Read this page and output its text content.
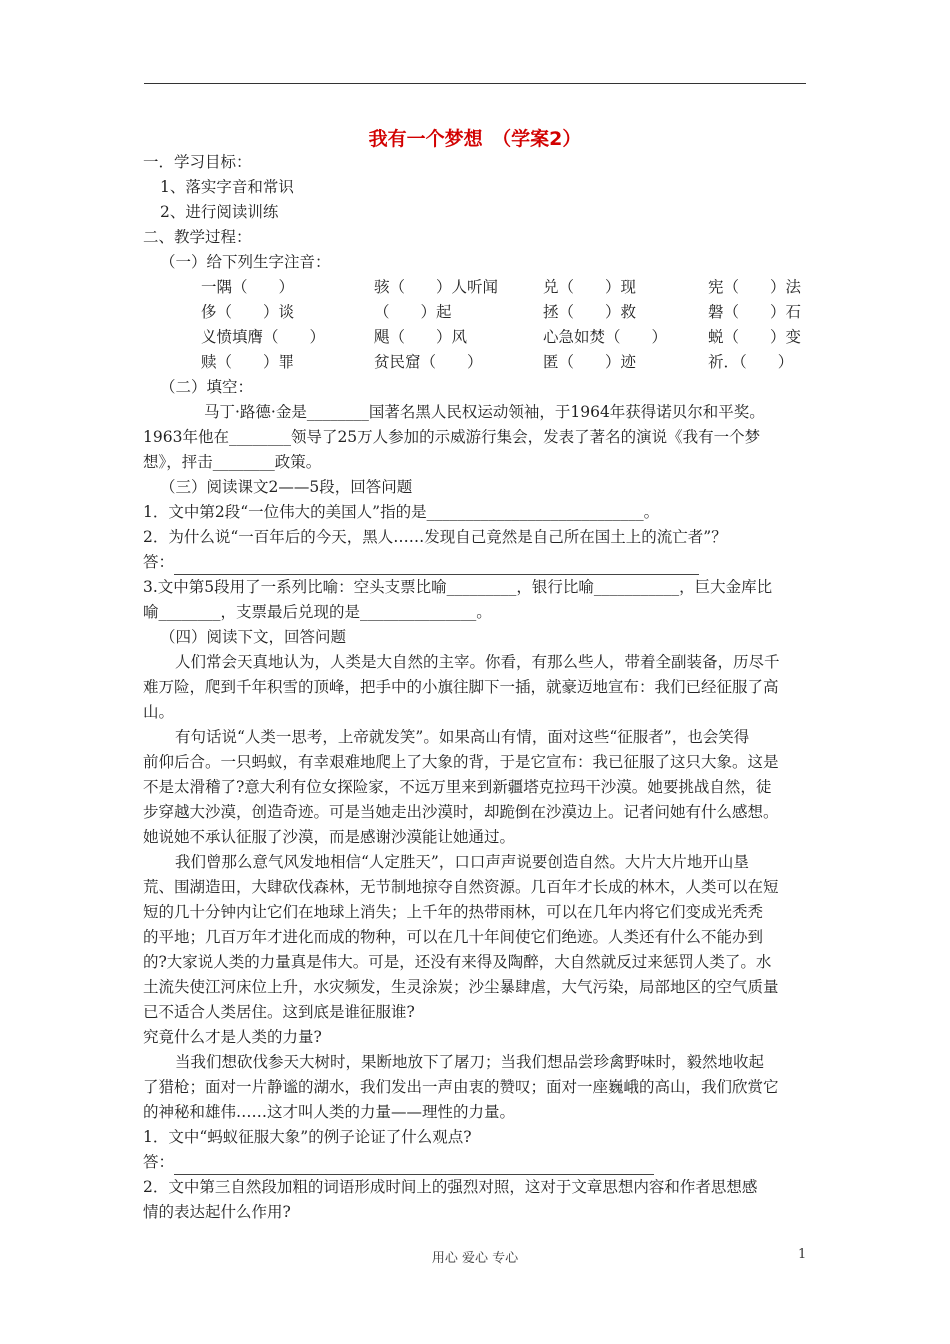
我有一个梦想　（学案2）
一．学习目标：
1、落实字音和常识
2、进行阅读训练
二、教学过程：
（一）给下列生字注音：
一隅（　　）	骇（　　）人听闻	兑（　　）现	宪（　　）法
侈（　　）谈	（　　）起	拯（　　）救	磐（　　）石
义愤填膺（　　）	飓（　　）风	心急如焚（　　）	蜕（　　）变
赎（　　）罪	贫民窟（　　）	匿（　　）迹	祈．（　　）
（二）填空：
马丁·路德·金是________国著名黑人民权运动领袖，于1964年获得诺贝尔和平奖。
1963年他在________领导了25万人参加的示威游行集会，发表了著名的演说《我有一个梦
想》，抨击________政策。
（三）阅读课文2——5段，回答问题
1．文中第2段“一位伟大的美国人”指的是____________________________。
2．为什么说“一百年后的今天，黑人……发现自己竟然是自己所在国土上的流亡者”？
答：
3.文中第5段用了一系列比喻：空头支票比喻_________，银行比喻___________，巨大金库比
喻________，支票最后兑现的是_______________。
（四）阅读下文，回答问题
人们常会天真地认为，人类是大自然的主宰。你看，有那么些人，带着全副装备，历尽千
难万险，爬到千年积雪的顶峰，把手中的小旗往脚下一插，就豪迈地宣布：我们已经征服了高
山。
有句话说“人类一思考，上帝就发笑”。如果高山有情，面对这些“征服者”，也会笑得
前仰后合。一只蚂蚁，有幸艰难地爬上了大象的背，于是它宣布：我已征服了这只大象。这是
不是太滑稽了?意大利有位女探险家，不远万里来到新疆塔克拉玛干沙漠。她要挑战自然，徒
步穿越大沙漠，创造奇迹。可是当她走出沙漠时，却跪倒在沙漠边上。记者问她有什么感想。
她说她不承认征服了沙漠，而是感谢沙漠能让她通过。
我们曾那么意气风发地相信“人定胜天”，口口声声说要创造自然。大片大片地开山垦
荒、围湖造田，大肆砍伐森林，无节制地掠夺自然资源。几百年才长成的林木，人类可以在短
短的几十分钟内让它们在地球上消失；上千年的热带雨林，可以在几年内将它们变成光秃秃
的平地；几百万年才进化而成的物种，可以在几十年间使它们绝迹。人类还有什么不能办到
的?大家说人类的力量真是伟大。可是，还没有来得及陶醉，大自然就反过来惩罚人类了。水
土流失使江河床位上升，水灾频发，生灵涂炭；沙尘暴肆虐，大气污染，局部地区的空气质量
已不适合人类居住。这到底是谁征服谁?
究竟什么才是人类的力量?
当我们想砍伐参天大树时，果断地放下了屠刀；当我们想品尝珍禽野味时，毅然地收起
了猎枪；面对一片静谧的湖水，我们发出一声由衷的赞叹；面对一座巍峨的高山，我们欣赏它
的神秘和雄伟……这才叫人类的力量——理性的力量。
1．文中“蚂蚁征服大象”的例子论证了什么观点?
答：
2．文中第三自然段加粗的词语形成时间上的强烈对照，这对于文章思想内容和作者思想感
情的表达起什么作用?
用心 爱心 专心	1
